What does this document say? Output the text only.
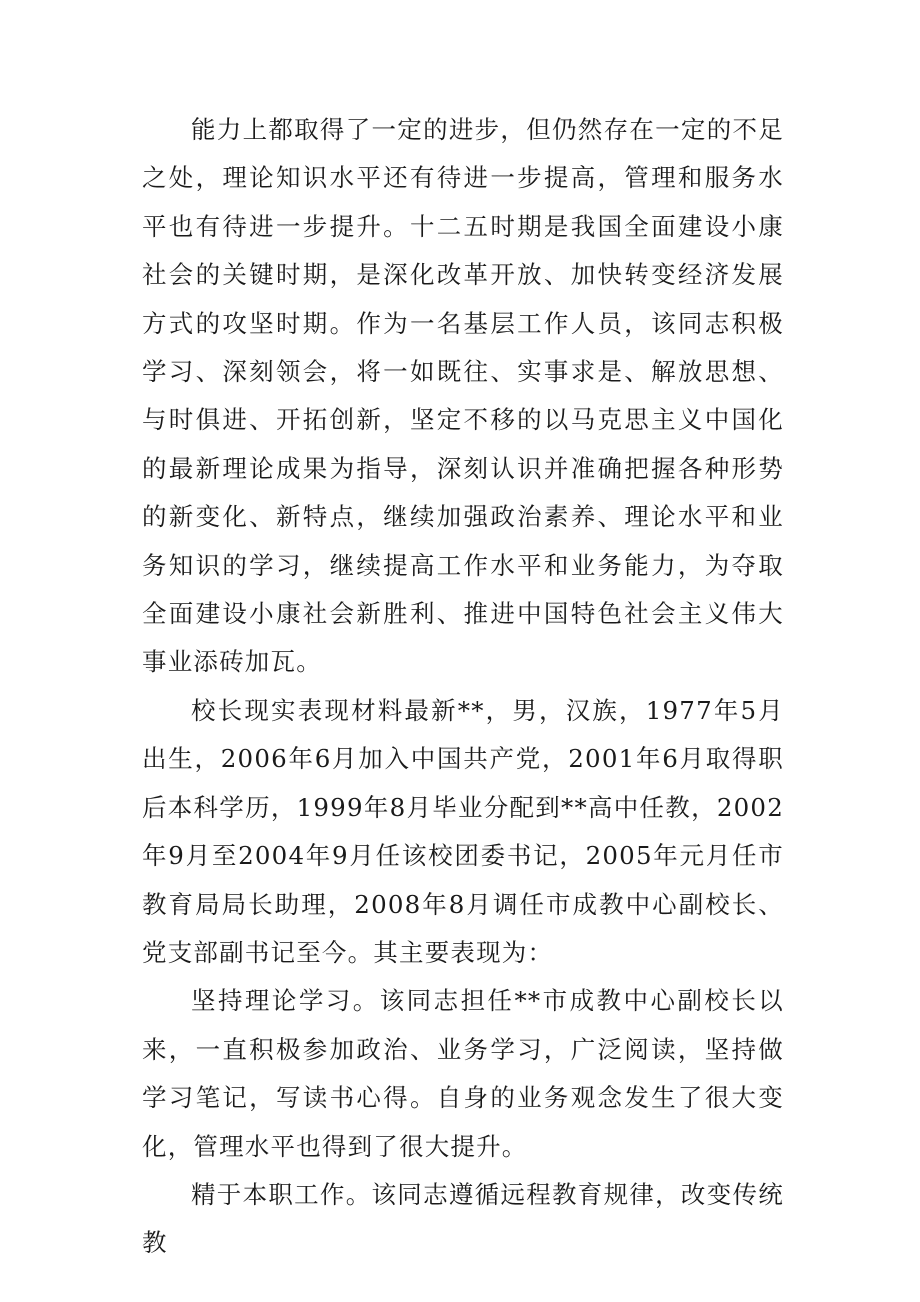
能力上都取得了一定的进步，但仍然存在一定的不足之处，理论知识水平还有待进一步提高，管理和服务水平也有待进一步提升。十二五时期是我国全面建设小康社会的关键时期，是深化改革开放、加快转变经济发展方式的攻坚时期。作为一名基层工作人员，该同志积极学习、深刻领会，将一如既往、实事求是、解放思想、与时俱进、开拓创新，坚定不移的以马克思主义中国化的最新理论成果为指导，深刻认识并准确把握各种形势的新变化、新特点，继续加强政治素养、理论水平和业务知识的学习，继续提高工作水平和业务能力，为夺取全面建设小康社会新胜利、推进中国特色社会主义伟大事业添砖加瓦。

校长现实表现材料最新**，男，汉族，1977年5月出生，2006年6月加入中国共产党，2001年6月取得职后本科学历，1999年8月毕业分配到**高中任教，2002年9月至2004年9月任该校团委书记，2005年元月任市教育局局长助理，2008年8月调任市成教中心副校长、党支部副书记至今。其主要表现为：

坚持理论学习。该同志担任**市成教中心副校长以来，一直积极参加政治、业务学习，广泛阅读，坚持做学习笔记，写读书心得。自身的业务观念发生了很大变化，管理水平也得到了很大提升。

精于本职工作。该同志遵循远程教育规律，改变传统教
